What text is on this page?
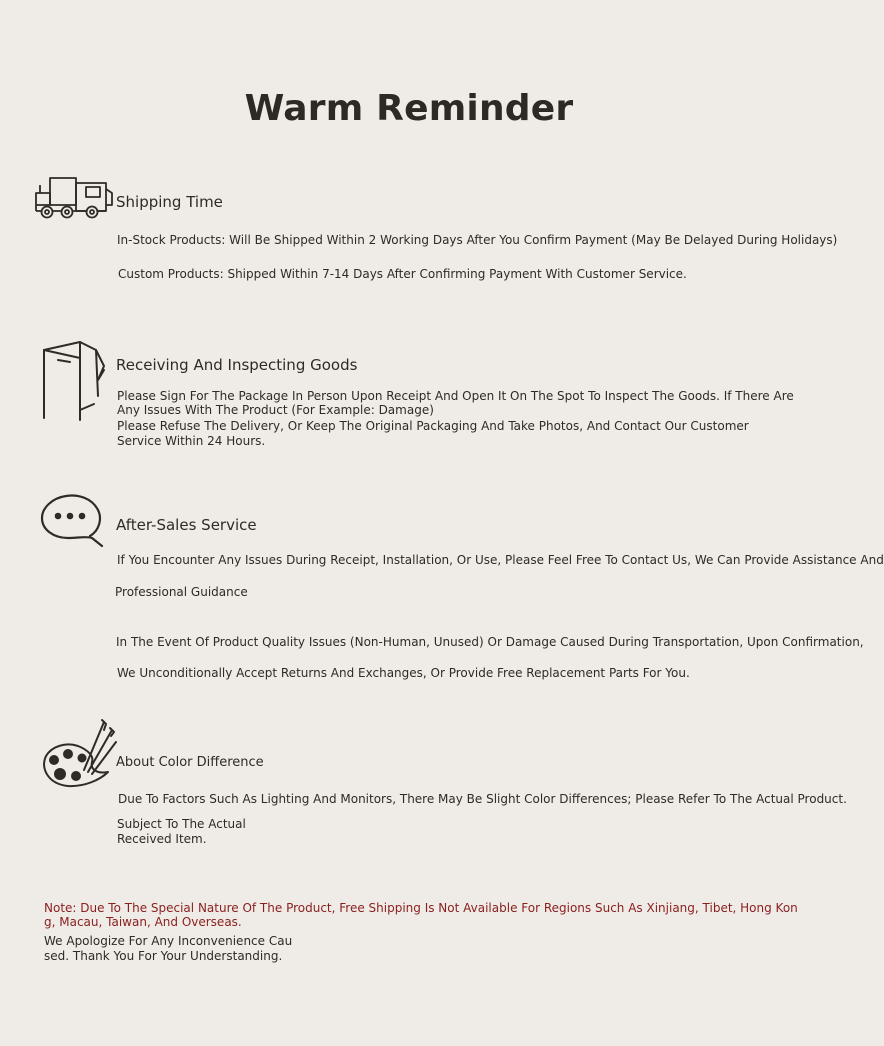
Warm Reminder
Shipping Time
In-Stock Products: Will Be Shipped Within 2 Working Days After You Confirm Payment (May Be Delayed During Holidays)
Custom Products: Shipped Within 7-14 Days After Confirming Payment With Customer Service.
Receiving And Inspecting Goods
Please Sign For The Package In Person Upon Receipt And Open It On The Spot To Inspect The Goods. If There Are
Any Issues With The Product (For Example: Damage)
Please Refuse The Delivery, Or Keep The Original Packaging And Take Photos, And Contact Our Customer
Service Within 24 Hours.
After-Sales Service
If You Encounter Any Issues During Receipt, Installation, Or Use, Please Feel Free To Contact Us, We Can Provide Assistance And
Professional Guidance
In The Event Of Product Quality Issues (Non-Human, Unused) Or Damage Caused During Transportation, Upon Confirmation,
We Unconditionally Accept Returns And Exchanges, Or Provide Free Replacement Parts For You.
About Color Difference
Due To Factors Such As Lighting And Monitors, There May Be Slight Color Differences; Please Refer To The Actual Product.
Subject To The Actual
Received Item.
Note: Due To The Special Nature Of The Product, Free Shipping Is Not Available For Regions Such As Xinjiang, Tibet, Hong Kon
g, Macau, Taiwan, And Overseas.
We Apologize For Any Inconvenience Cau
sed. Thank You For Your Understanding.
